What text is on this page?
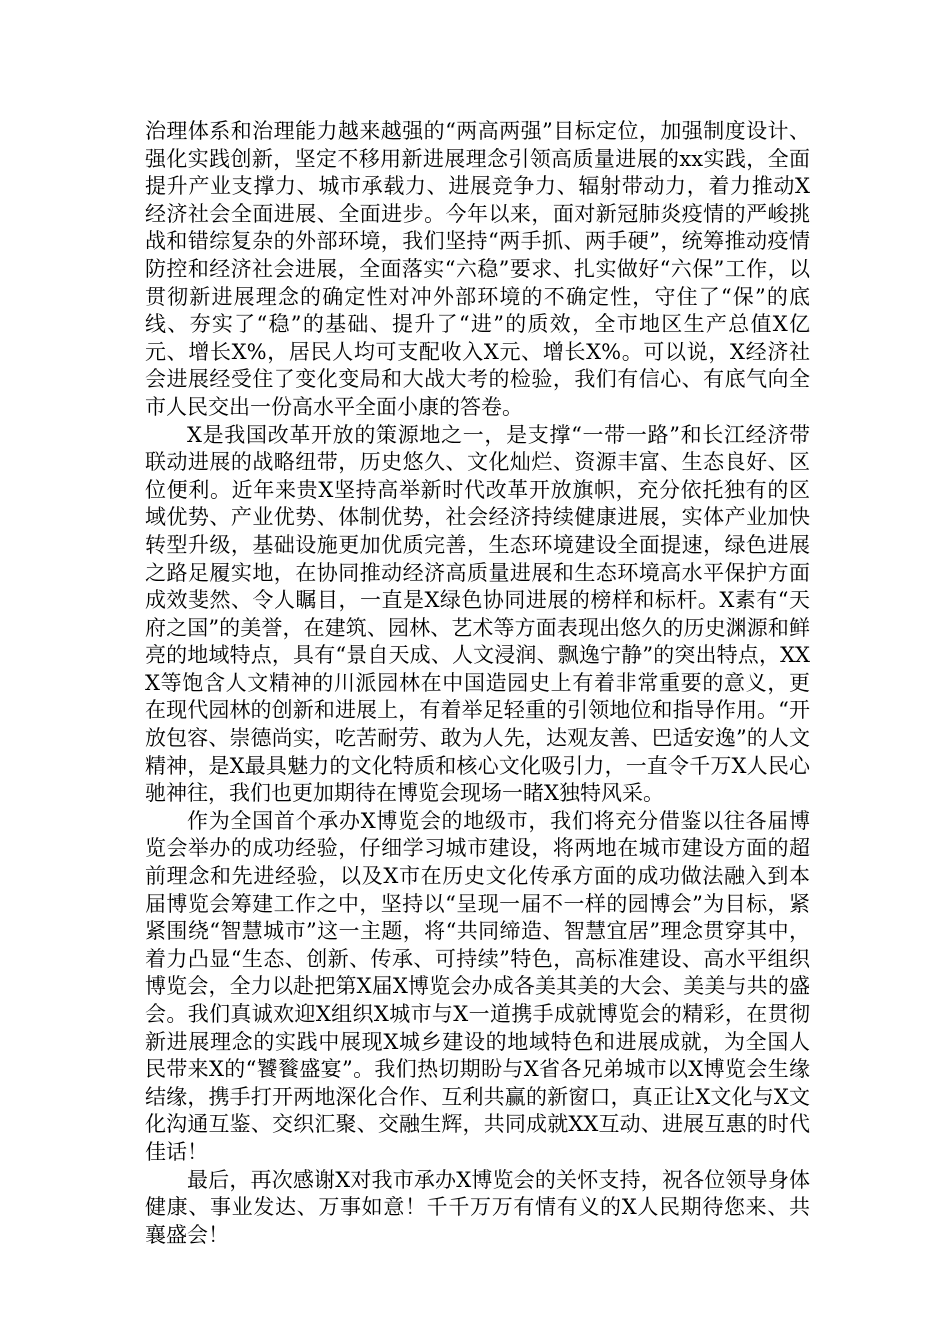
治理体系和治理能力越来越强的“两高两强”目标定位，加强制度设计、强化实践创新，坚定不移用新进展理念引领高质量进展的xx实践，全面提升产业支撑力、城市承载力、进展竞争力、辐射带动力，着力推动X经济社会全面进展、全面进步。今年以来，面对新冠肺炎疫情的严峻挑战和错综复杂的外部环境，我们坚持“两手抓、两手硬”，统筹推动疫情防控和经济社会进展，全面落实“六稳”要求、扎实做好“六保”工作，以贯彻新进展理念的确定性对冲外部环境的不确定性，守住了“保”的底线、夯实了“稳”的基础、提升了“进”的质效，全市地区生产总值X亿元、增长X%，居民人均可支配收入X元、增长X%。可以说，X经济社会进展经受住了变化变局和大战大考的检验，我们有信心、有底气向全市人民交出一份高水平全面小康的答卷。

X是我国改革开放的策源地之一，是支撑“一带一路”和长江经济带联动进展的战略纽带，历史悠久、文化灿烂、资源丰富、生态良好、区位便利。近年来贵X坚持高举新时代改革开放旗帜，充分依托独有的区域优势、产业优势、体制优势，社会经济持续健康进展，实体产业加快转型升级，基础设施更加优质完善，生态环境建设全面提速，绿色进展之路足履实地，在协同推动经济高质量进展和生态环境高水平保护方面成效斐然、令人瞩目，一直是X绿色协同进展的榜样和标杆。X素有“天府之国”的美誉，在建筑、园林、艺术等方面表现出悠久的历史渊源和鲜亮的地域特点，具有“景自天成、人文浸润、飘逸宁静”的突出特点，XXX等饱含人文精神的川派园林在中国造园史上有着非常重要的意义，更在现代园林的创新和进展上，有着举足轻重的引领地位和指导作用。“开放包容、崇德尚实，吃苦耐劳、敢为人先，达观友善、巴适安逸”的人文精神，是X最具魅力的文化特质和核心文化吸引力，一直令千万X人民心驰神往，我们也更加期待在博览会现场一睹X独特风采。

作为全国首个承办X博览会的地级市，我们将充分借鉴以往各届博览会举办的成功经验，仔细学习城市建设，将两地在城市建设方面的超前理念和先进经验，以及X市在历史文化传承方面的成功做法融入到本届博览会筹建工作之中，坚持以“呈现一届不一样的园博会”为目标，紧紧围绕“智慧城市”这一主题，将“共同缔造、智慧宜居”理念贯穿其中，着力凸显“生态、创新、传承、可持续”特色，高标准建设、高水平组织博览会，全力以赴把第X届X博览会办成各美其美的大会、美美与共的盛会。我们真诚欢迎X组织X城市与X一道携手成就博览会的精彩，在贯彻新进展理念的实践中展现X城乡建设的地域特色和进展成就，为全国人民带来X的“饕餮盛宴”。我们热切期盼与X省各兄弟城市以X博览会生缘结缘，携手打开两地深化合作、互利共赢的新窗口，真正让X文化与X文化沟通互鉴、交织汇聚、交融生辉，共同成就XX互动、进展互惠的时代佳话！

最后，再次感谢X对我市承办X博览会的关怀支持，祝各位领导身体健康、事业发达、万事如意！千千万万有情有义的X人民期待您来、共襄盛会！
